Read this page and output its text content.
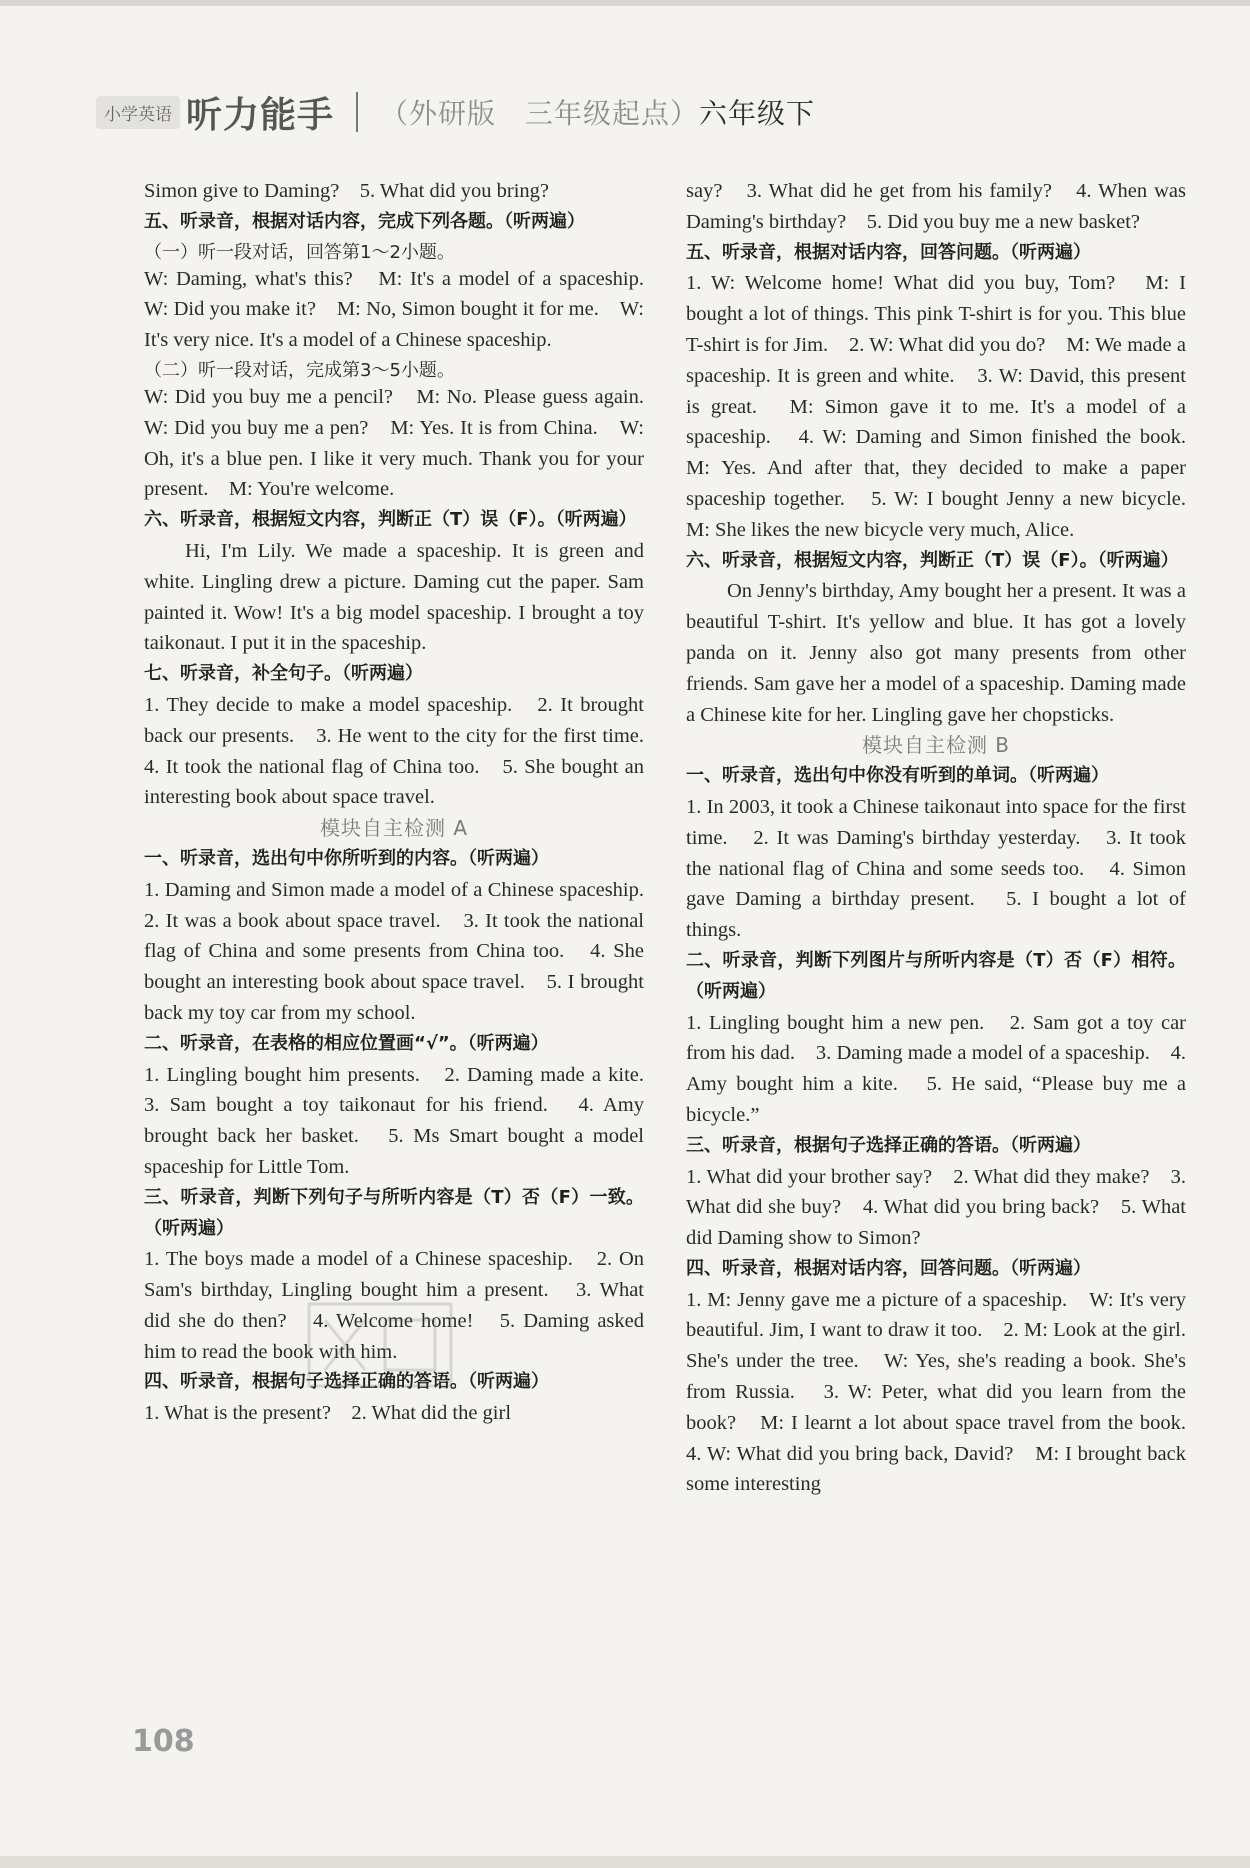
小学英语 听力能手 （外研版　三年级起点） 六年级下

Simon give to Daming?　5. What did you bring?

五、听录音，根据对话内容，完成下列各题。（听两遍）
（一）听一段对话，回答第1～2小题。

W: Daming, what's this?　M: It's a model of a spaceship.　W: Did you make it?　M: No, Simon bought it for me.　W: It's very nice. It's a model of a Chinese spaceship.

（二）听一段对话，完成第3～5小题。

W: Did you buy me a pencil?　M: No. Please guess again.　W: Did you buy me a pen?　M: Yes. It is from China.　W: Oh, it's a blue pen. I like it very much. Thank you for your present.　M: You're welcome.

六、听录音，根据短文内容，判断正（T）误（F）。（听两遍）

Hi, I'm Lily. We made a spaceship. It is green and white. Lingling drew a picture. Daming cut the paper. Sam painted it. Wow! It's a big model spaceship. I brought a toy taikonaut. I put it in the spaceship.

七、听录音，补全句子。（听两遍）

1. They decide to make a model spaceship.　2. It brought back our presents.　3. He went to the city for the first time.　4. It took the national flag of China too.　5. She bought an interesting book about space travel.

模块自主检测 A
一、听录音，选出句中你所听到的内容。（听两遍）

1. Daming and Simon made a model of a Chinese spaceship.　2. It was a book about space travel.　3. It took the national flag of China and some presents from China too.　4. She bought an interesting book about space travel.　5. I brought back my toy car from my school.

二、听录音，在表格的相应位置画“√”。（听两遍）

1. Lingling bought him presents.　2. Daming made a kite.　3. Sam bought a toy taikonaut for his friend.　4. Amy brought back her basket.　5. Ms Smart bought a model spaceship for Little Tom.

三、听录音，判断下列句子与所听内容是（T）否（F）一致。（听两遍）

1. The boys made a model of a Chinese spaceship.　2. On Sam's birthday, Lingling bought him a present.　3. What did she do then?　4. Welcome home!　5. Daming asked him to read the book with him.

四、听录音，根据句子选择正确的答语。（听两遍）

1. What is the present?　2. What did the girl

say?　3. What did he get from his family?　4. When was Daming's birthday?　5. Did you buy me a new basket?

五、听录音，根据对话内容，回答问题。（听两遍）

1. W: Welcome home! What did you buy, Tom?　M: I bought a lot of things. This pink T-shirt is for you. This blue T-shirt is for Jim.　2. W: What did you do?　M: We made a spaceship. It is green and white.　3. W: David, this present is great.　M: Simon gave it to me. It's a model of a spaceship.　4. W: Daming and Simon finished the book.　M: Yes. And after that, they decided to make a paper spaceship together.　5. W: I bought Jenny a new bicycle.　M: She likes the new bicycle very much, Alice.

六、听录音，根据短文内容，判断正（T）误（F）。（听两遍）

On Jenny's birthday, Amy bought her a present. It was a beautiful T-shirt. It's yellow and blue. It has got a lovely panda on it. Jenny also got many presents from other friends. Sam gave her a model of a spaceship. Daming made a Chinese kite for her. Lingling gave her chopsticks.

模块自主检测 B
一、听录音，选出句中你没有听到的单词。（听两遍）

1. In 2003, it took a Chinese taikonaut into space for the first time.　2. It was Daming's birthday yesterday.　3. It took the national flag of China and some seeds too.　4. Simon gave Daming a birthday present.　5. I bought a lot of things.

二、听录音，判断下列图片与所听内容是（T）否（F）相符。（听两遍）

1. Lingling bought him a new pen.　2. Sam got a toy car from his dad.　3. Daming made a model of a spaceship.　4. Amy bought him a kite.　5. He said, “Please buy me a bicycle.”

三、听录音，根据句子选择正确的答语。（听两遍）

1. What did your brother say?　2. What did they make?　3. What did she buy?　4. What did you bring back?　5. What did Daming show to Simon?

四、听录音，根据对话内容，回答问题。（听两遍）

1. M: Jenny gave me a picture of a spaceship.　W: It's very beautiful. Jim, I want to draw it too.　2. M: Look at the girl. She's under the tree.　W: Yes, she's reading a book. She's from Russia.　3. W: Peter, what did you learn from the book?　M: I learnt a lot about space travel from the book.　4. W: What did you bring back, David?　M: I brought back some interesting

108
